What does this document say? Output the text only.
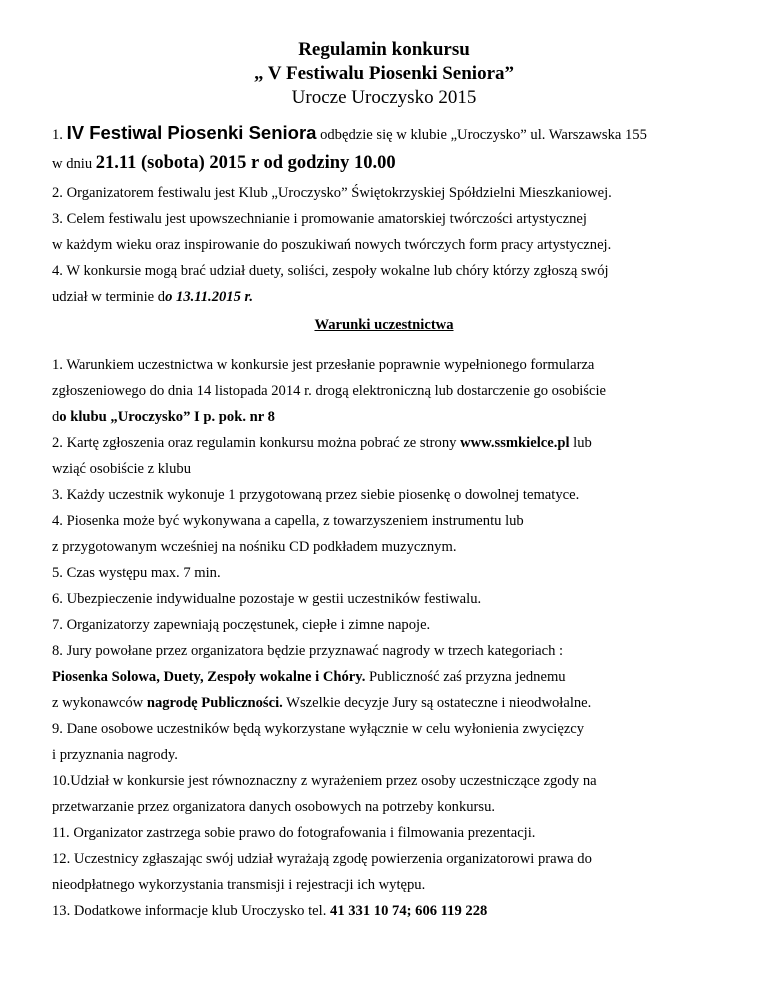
Regulamin konkursu
„ V Festiwalu Piosenki Seniora”
Urocze Uroczysko 2015
1. IV Festiwal Piosenki Seniora odbędzie się w klubie „Uroczysko” ul. Warszawska 155
w dniu 21.11 (sobota) 2015 r od godziny 10.00
2. Organizatorem festiwalu jest Klub „Uroczysko” Świętokrzyskiej Spółdzielni Mieszkaniowej.
3. Celem festiwalu jest upowszechnianie i promowanie amatorskiej twórczości artystycznej
w każdym wieku oraz inspirowanie do poszukiwań nowych twórczych form pracy artystycznej.
4. W konkursie mogą brać udział duety, soliści, zespoły wokalne lub chóry którzy zgłoszą swój
udział w terminie do 13.11.2015 r.
Warunki uczestnictwa
1. Warunkiem uczestnictwa w konkursie jest przesłanie poprawnie wypełnionego formularza
zgłoszeniowego do dnia 14 listopada 2014 r. drogą elektroniczną lub dostarczenie go osobiście
do klubu „Uroczysko” I p. pok. nr 8
2. Kartę zgłoszenia oraz regulamin konkursu można pobrać ze strony www.ssmkielce.pl lub
wziąć osobiście z klubu
3. Każdy uczestnik wykonuje 1 przygotowaną przez siebie piosenkę o dowolnej tematyce.
4. Piosenka może być wykonywana a capella, z towarzyszeniem instrumentu lub
z przygotowanym wcześniej na nośniku CD podkładem muzycznym.
5. Czas występu max. 7 min.
6. Ubezpieczenie indywidualne pozostaje w gestii uczestników festiwalu.
7. Organizatorzy zapewniają poczęstunek, ciepłe i zimne napoje.
8. Jury powołane przez organizatora będzie przyznawać nagrody w trzech kategoriach :
Piosenka Solowa, Duety, Zespoły wokalne i Chóry. Publiczność zaś przyzna jednemu
z wykonawców nagrodę Publiczności. Wszelkie decyzje Jury są ostateczne i nieodwołalne.
9. Dane osobowe uczestników będą wykorzystane wyłącznie w celu wyłonienia zwycięzcy
i przyznania nagrody.
10.Udział w konkursie jest równoznaczny z wyrażeniem przez osoby uczestniczące zgody na
przetwarzanie przez organizatora danych osobowych na potrzeby konkursu.
11. Organizator zastrzega sobie prawo do fotografowania i filmowania prezentacji.
12. Uczestnicy zgłaszając swój udział wyrażają zgodę powierzenia organizatorowi prawa do
nieodpłatnego wykorzystania transmisji i rejestracji ich wytępu.
13. Dodatkowe informacje klub Uroczysko tel. 41 331 10 74; 606 119 228
